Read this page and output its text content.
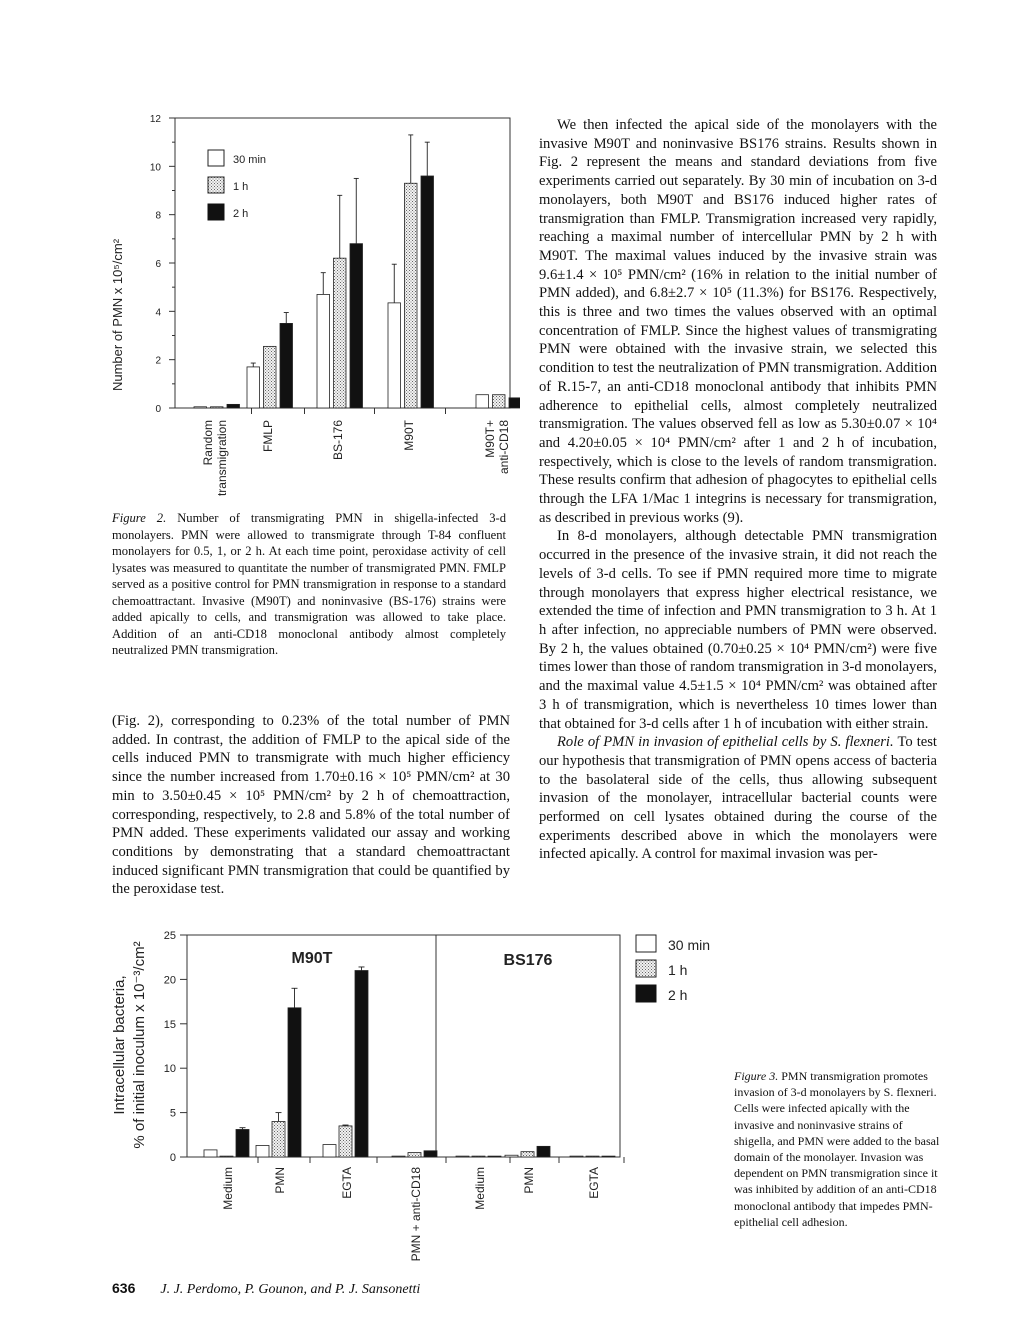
Number of PMN x 10⁵/cm²
0
2
4
6
8
10
12
30 min
1 h
2 h
Random transmigration	FMLP	BS-176	M90T	M90T+ anti-CD18
Figure 2. Number of transmigrating PMN in shigella-infected 3-d monolayers. PMN were allowed to transmigrate through T-84 confluent monolayers for 0.5, 1, or 2 h. At each time point, peroxidase activity of cell lysates was measured to quantitate the number of transmigrated PMN. FMLP served as a positive control for PMN transmigration in response to a standard chemoattractant. Invasive (M90T) and noninvasive (BS-176) strains were added apically to cells, and transmigration was allowed to take place. Addition of an anti-CD18 monoclonal antibody almost completely neutralized PMN transmigration.

(Fig. 2), corresponding to 0.23% of the total number of PMN added. In contrast, the addition of FMLP to the apical side of the cells induced PMN to transmigrate with much higher efficiency since the number increased from 1.70±0.16 × 10⁵ PMN/cm² at 30 min to 3.50±0.45 × 10⁵ PMN/cm² by 2 h of chemoattraction, corresponding, respectively, to 2.8 and 5.8% of the total number of PMN added. These experiments validated our assay and working conditions by demonstrating that a standard chemoattractant induced significant PMN transmigration that could be quantified by the peroxidase test.

We then infected the apical side of the monolayers with the invasive M90T and noninvasive BS176 strains. Results shown in Fig. 2 represent the means and standard deviations from five experiments carried out separately. By 30 min of incubation on 3-d monolayers, both M90T and BS176 induced higher rates of transmigration than FMLP. Transmigration increased very rapidly, reaching a maximal number of intercellular PMN by 2 h with M90T. The maximal values induced by the invasive strain was 9.6±1.4 × 10⁵ PMN/cm² (16% in relation to the initial number of PMN added), and 6.8±2.7 × 10⁵ (11.3%) for BS176. Respectively, this is three and two times the values observed with an optimal concentration of FMLP. Since the highest values of transmigrating PMN were obtained with the invasive strain, we selected this condition to test the neutralization of PMN transmigration. Addition of R.15-7, an anti-CD18 monoclonal antibody that inhibits PMN adherence to epithelial cells, almost completely neutralized transmigration. The values observed fell as low as 5.30±0.07 × 10⁴ and 4.20±0.05 × 10⁴ PMN/cm² after 1 and 2 h of incubation, respectively, which is close to the levels of random transmigration. These results confirm that adhesion of phagocytes to epithelial cells through the LFA 1/Mac 1 integrins is necessary for transmigration, as described in previous works (9).

In 8-d monolayers, although detectable PMN transmigration occurred in the presence of the invasive strain, it did not reach the levels of 3-d cells. To see if PMN required more time to migrate through monolayers that express higher electrical resistance, we extended the time of infection and PMN transmigration to 3 h. At 1 h after infection, no appreciable numbers of PMN were observed. By 2 h, the values obtained (0.70±0.25 × 10⁴ PMN/cm²) were five times lower than those of random transmigration in 3-d monolayers, and the maximal value 4.5±1.5 × 10⁴ PMN/cm² was obtained after 3 h of transmigration, which is nevertheless 10 times lower than that obtained for 3-d cells after 1 h of incubation with either strain.

Role of PMN in invasion of epithelial cells by S. flexneri. To test our hypothesis that transmigration of PMN opens access of bacteria to the basolateral side of the cells, thus allowing subsequent invasion of the monolayer, intracellular bacterial counts were performed on cell lysates obtained during the course of the experiments described above in which the monolayers were infected apically. A control for maximal invasion was per-

Intracellular bacteria, % of initial inoculum x 10⁻³/cm²
0
5
10
15
20
25
M90T	BS176
Medium	PMN	EGTA	PMN + anti-CD18	Medium	PMN	EGTA
30 min
1 h
2 h
Figure 3. PMN transmigration promotes invasion of 3-d monolayers by S. flexneri. Cells were infected apically with the invasive and noninvasive strains of shigella, and PMN were added to the basal domain of the monolayer. Invasion was dependent on PMN transmigration since it was inhibited by addition of an anti-CD18 monoclonal antibody that impedes PMN-epithelial cell adhesion.
636 J. J. Perdomo, P. Gounon, and P. J. Sansonetti
